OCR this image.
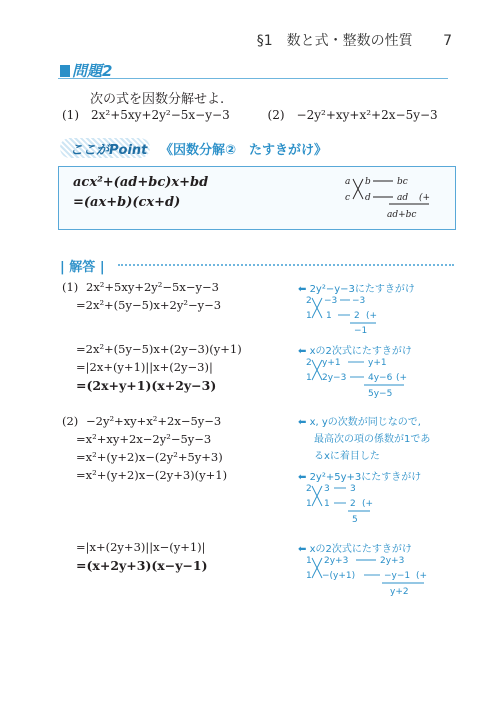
§1　数と式・整数の性質 7
問題2
次の式を因数分解せよ.
(1)　2x²+5xy+2y²−5x−y−3	(2)　−2y²+xy+x²+2x−5y−3
ここがPoint 《因数分解②　たすきがけ》
acx²+(ad+bc)x+bd
=(ax+b)(cx+d)
a
c
b
d
bc
ad (+
ad+bc
| 解答 |
(1) 2x²+5xy+2y²−5x−y−3
=2x²+(5y−5)x+2y²−y−3
=2x²+(5y−5)x+(2y−3)(y+1)
=|2x+(y+1)||x+(2y−3)|
=(2x+y+1)(x+2y−3)
⬅ 2y²−y−3にたすきがけ
2
1
−3
1
−3
2 (+
−1
⬅ xの2次式にたすきがけ
2
1
y+1
2y−3
y+1
4y−6 (+
5y−5
(2) −2y²+xy+x²+2x−5y−3
=x²+xy+2x−2y²−5y−3
=x²+(y+2)x−(2y²+5y+3)
=x²+(y+2)x−(2y+3)(y+1)
=|x+(2y+3)||x−(y+1)|
=(x+2y+3)(x−y−1)
⬅ x, yの次数が同じなので,
最高次の項の係数が1であ
るxに着目した
⬅ 2y²+5y+3にたすきがけ
2
1
3
1
3
2 (+
5
⬅ xの2次式にたすきがけ
1
1
2y+3
−(y+1)
2y+3
−y−1 (+
y+2
